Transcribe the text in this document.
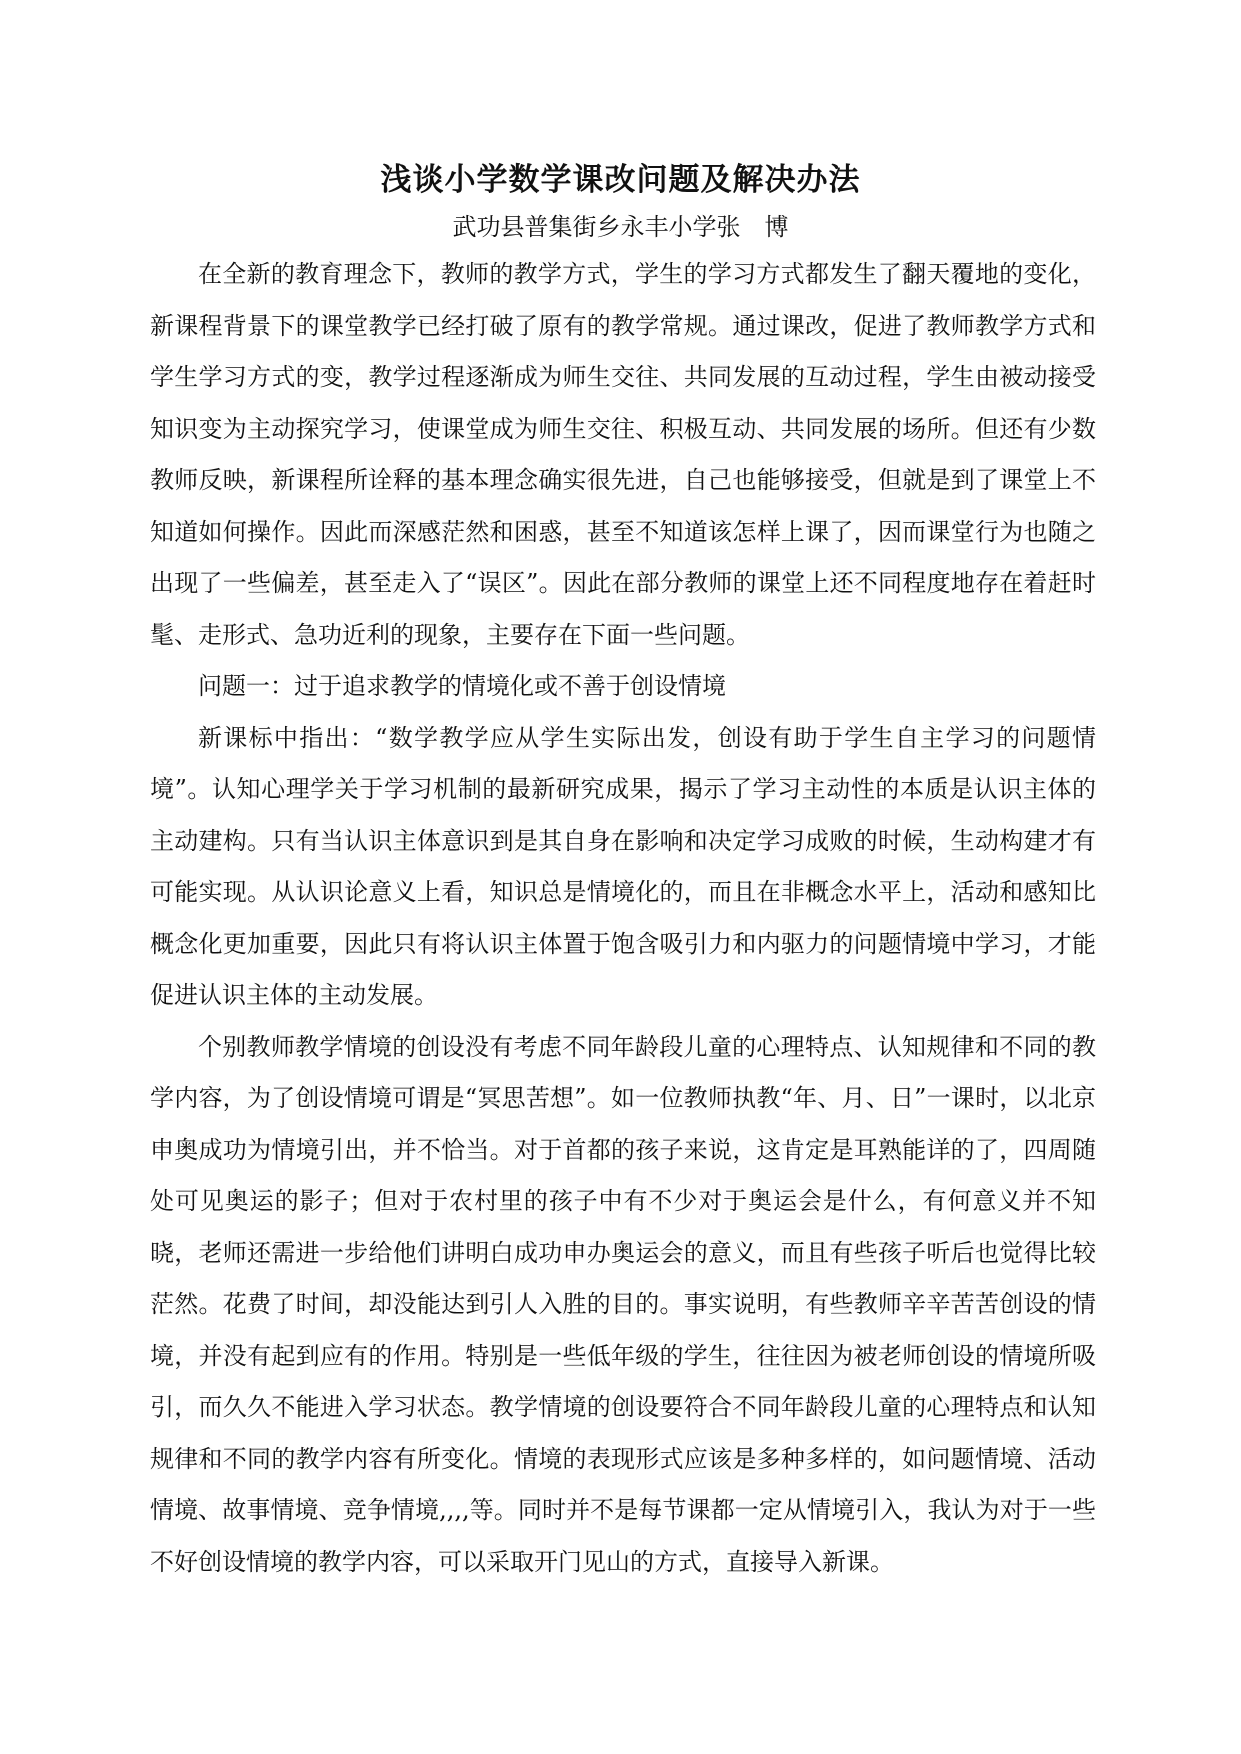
浅谈小学数学课改问题及解决办法

武功县普集街乡永丰小学张　博

在全新的教育理念下，教师的教学方式，学生的学习方式都发生了翻天覆地的变化，新课程背景下的课堂教学已经打破了原有的教学常规。通过课改，促进了教师教学方式和学生学习方式的变，教学过程逐渐成为师生交往、共同发展的互动过程，学生由被动接受知识变为主动探究学习，使课堂成为师生交往、积极互动、共同发展的场所。但还有少数教师反映，新课程所诠释的基本理念确实很先进，自己也能够接受，但就是到了课堂上不知道如何操作。因此而深感茫然和困惑，甚至不知道该怎样上课了，因而课堂行为也随之出现了一些偏差，甚至走入了“误区”。因此在部分教师的课堂上还不同程度地存在着赶时髦、走形式、急功近利的现象，主要存在下面一些问题。

问题一：过于追求教学的情境化或不善于创设情境

新课标中指出：“数学教学应从学生实际出发，创设有助于学生自主学习的问题情境”。认知心理学关于学习机制的最新研究成果，揭示了学习主动性的本质是认识主体的主动建构。只有当认识主体意识到是其自身在影响和决定学习成败的时候，生动构建才有可能实现。从认识论意义上看，知识总是情境化的，而且在非概念水平上，活动和感知比概念化更加重要，因此只有将认识主体置于饱含吸引力和内驱力的问题情境中学习，才能促进认识主体的主动发展。

个别教师教学情境的创设没有考虑不同年龄段儿童的心理特点、认知规律和不同的教学内容，为了创设情境可谓是“冥思苦想”。如一位教师执教“年、月、日”一课时，以北京申奥成功为情境引出，并不恰当。对于首都的孩子来说，这肯定是耳熟能详的了，四周随处可见奥运的影子；但对于农村里的孩子中有不少对于奥运会是什么，有何意义并不知晓，老师还需进一步给他们讲明白成功申办奥运会的意义，而且有些孩子听后也觉得比较茫然。花费了时间，却没能达到引人入胜的目的。事实说明，有些教师辛辛苦苦创设的情境，并没有起到应有的作用。特别是一些低年级的学生，往往因为被老师创设的情境所吸引，而久久不能进入学习状态。教学情境的创设要符合不同年龄段儿童的心理特点和认知规律和不同的教学内容有所变化。情境的表现形式应该是多种多样的，如问题情境、活动情境、故事情境、竞争情境,,,,等。同时并不是每节课都一定从情境引入，我认为对于一些不好创设情境的教学内容，可以采取开门见山的方式，直接导入新课。
